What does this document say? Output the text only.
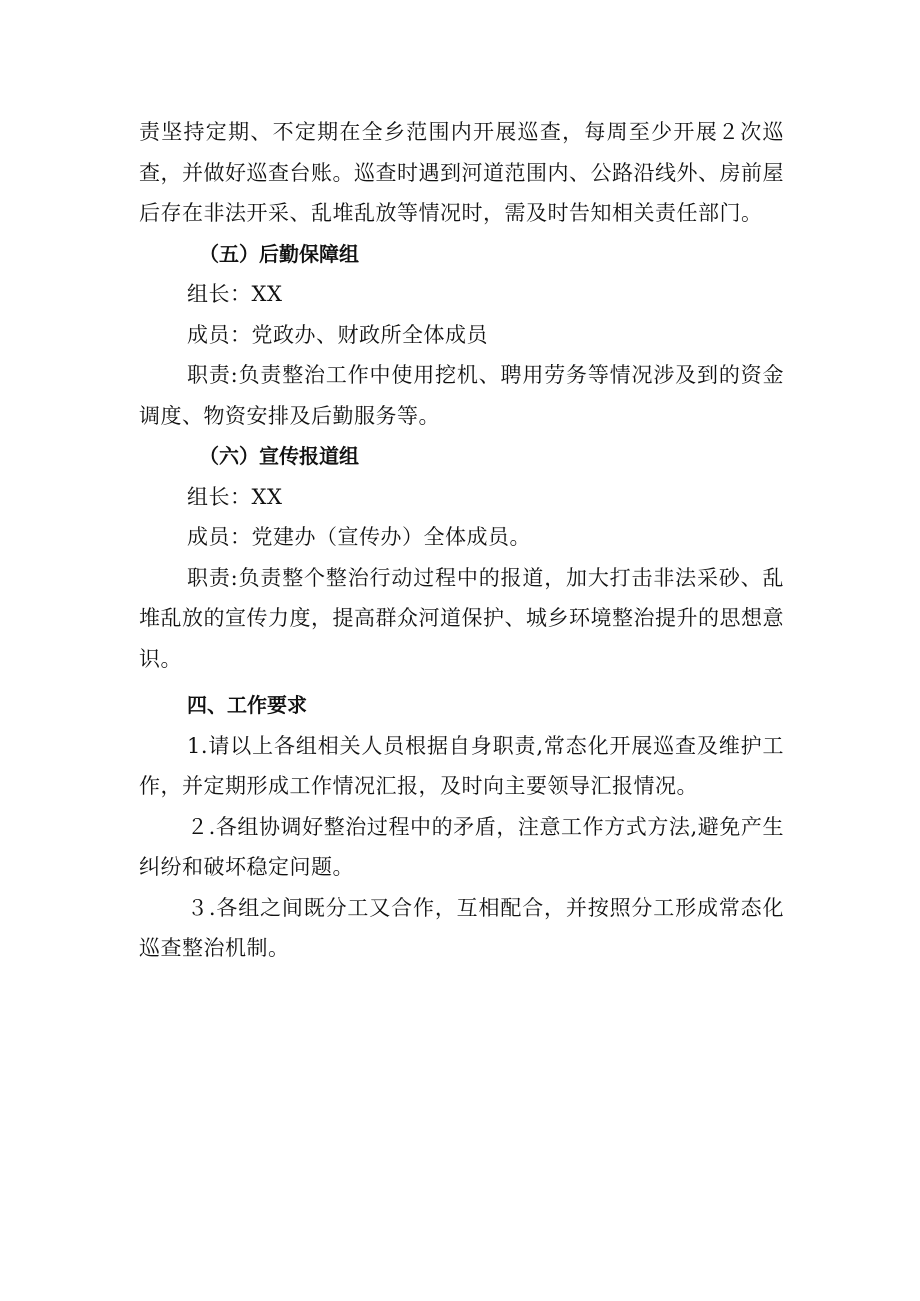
责坚持定期、不定期在全乡范围内开展巡查，每周至少开展２次巡查，并做好巡查台账。巡查时遇到河道范围内、公路沿线外、房前屋后存在非法开采、乱堆乱放等情况时，需及时告知相关责任部门。

（五）后勤保障组

组长：XX

成员：党政办、财政所全体成员

职责:负责整治工作中使用挖机、聘用劳务等情况涉及到的资金调度、物资安排及后勤服务等。

（六）宣传报道组

组长：XX

成员：党建办（宣传办）全体成员。

职责:负责整个整治行动过程中的报道，加大打击非法采砂、乱堆乱放的宣传力度，提高群众河道保护、城乡环境整治提升的思想意识。

四、工作要求

1.请以上各组相关人员根据自身职责,常态化开展巡查及维护工作，并定期形成工作情况汇报，及时向主要领导汇报情况。

２.各组协调好整治过程中的矛盾，注意工作方式方法,避免产生纠纷和破坏稳定问题。

３.各组之间既分工又合作，互相配合，并按照分工形成常态化巡查整治机制。
